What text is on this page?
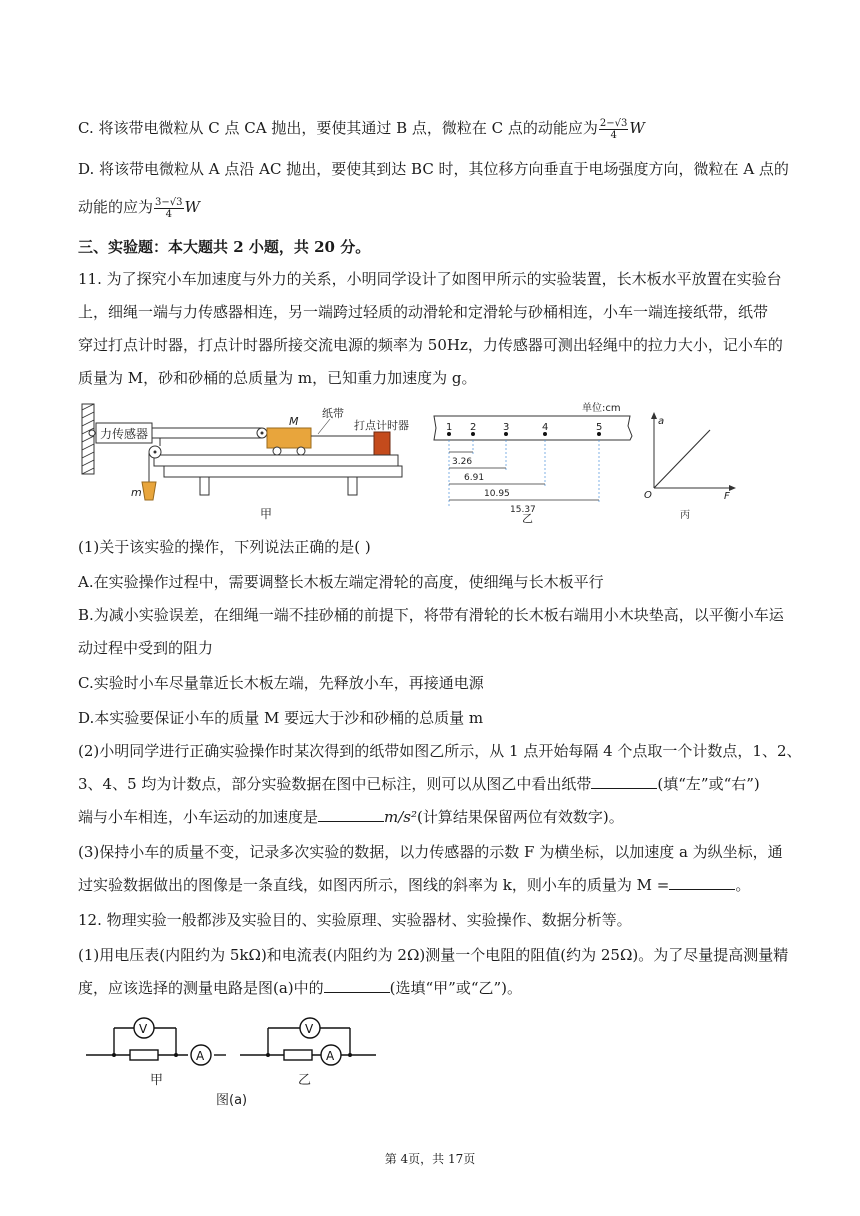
C. 将该带电微粒从 C 点 CA 抛出，要使其通过 B 点，微粒在 C 点的动能应为 $\frac{2-√3}{4}$ W
D. 将该带电微粒从 A 点沿 AC 抛出，要使其到达 BC 时，其位移方向垂直于电场强度方向，微粒在 A 点的
动能的应为 $\frac{3-√3}{4}$ W
三、实验题：本大题共 2 小题，共 20 分。
11. 为了探究小车加速度与外力的关系，小明同学设计了如图甲所示的实验装置，长木板水平放置在实验台
上，细绳一端与力传感器相连，另一端跨过轻质的动滑轮和定滑轮与砂桶相连，小车一端连接纸带，纸带
穿过打点计时器，打点计时器所接交流电源的频率为 50Hz，力传感器可测出轻绳中的拉力大小，记小车的
质量为 M，砂和砂桶的总质量为 m，已知重力加速度为 g。
力传感器
M
纸带
打点计时器
m
甲
单位:cm
1 2	3	4	5
3.26
6.91
10.95
15.37
乙
a
O	F
丙
(1)关于该实验的操作，下列说法正确的是( )
A.在实验操作过程中，需要调整长木板左端定滑轮的高度，使细绳与长木板平行
B.为减小实验误差，在细绳一端不挂砂桶的前提下，将带有滑轮的长木板右端用小木块垫高，以平衡小车运
动过程中受到的阻力
C.实验时小车尽量靠近长木板左端，先释放小车，再接通电源
D.本实验要保证小车的质量 M 要远大于沙和砂桶的总质量 m
(2)小明同学进行正确实验操作时某次得到的纸带如图乙所示，从 1 点开始每隔 4 个点取一个计数点，1、2、
3、4、5 均为计数点，部分实验数据在图中已标注，则可以从图乙中看出纸带	(填“左”或“右”)
端与小车相连，小车运动的加速度是	m/s²(计算结果保留两位有效数字)。
(3)保持小车的质量不变，记录多次实验的数据，以力传感器的示数 F 为横坐标，以加速度 a 为纵坐标，通
过实验数据做出的图像是一条直线，如图丙所示，图线的斜率为 k，则小车的质量为 M =	。
12. 物理实验一般都涉及实验目的、实验原理、实验器材、实验操作、数据分析等。
(1)用电压表(内阻约为 5kΩ)和电流表(内阻约为 2Ω)测量一个电阻的阻值(约为 25Ω)。为了尽量提高测量精
度，应该选择的测量电路是图(a)中的	(选填“甲”或“乙”)。
V
A
甲
V
A
乙
图(a)
第 4页，共 17页
